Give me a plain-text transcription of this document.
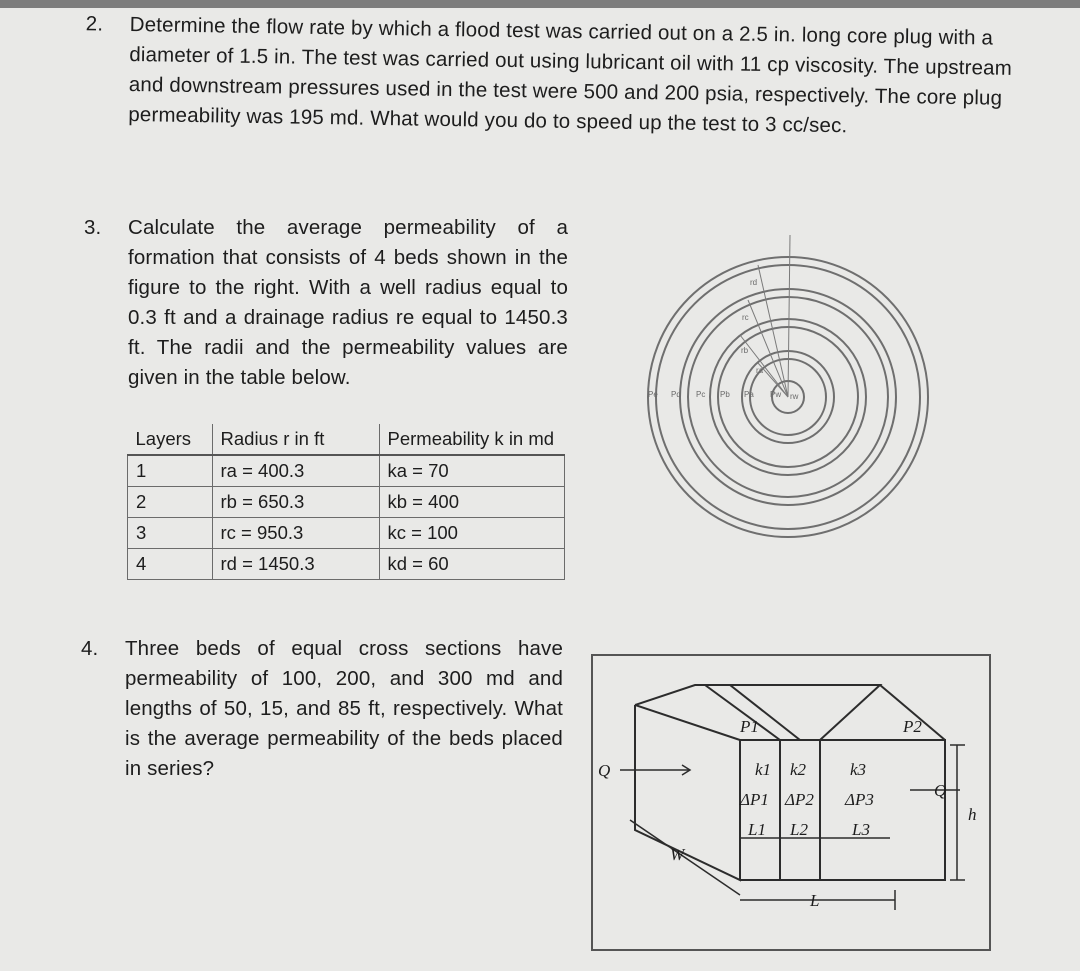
2. Determine the flow rate by which a flood test was carried out on a 2.5 in. long core plug with a diameter of 1.5 in. The test was carried out using lubricant oil with 11 cp viscosity. The upstream and downstream pressures used in the test were 500 and 200 psia, respectively. The core plug permeability was 195 md. What would you do to speed up the test to 3 cc/sec.
3. Calculate the average permeability of a formation that consists of 4 beds shown in the figure to the right. With a well radius equal to 0.3 ft and a drainage radius re equal to 1450.3 ft. The radii and the permeability values are given in the table below.
Layers	Radius r in ft	Permeability k in md
1	ra = 400.3	ka = 70
2	rb = 650.3	kb = 400
3	rc = 950.3	kc = 100
4	rd = 1450.3	kd = 60
rd
rc
rb
ra
Pe Pd Pc Pb Pa Pw rw
4. Three beds of equal cross sections have permeability of 100, 200, and 300 md and lengths of 50, 15, and 85 ft, respectively. What is the average permeability of the beds placed in series?	Q
P1	P2
k1 k2	k3
ΔP1 ΔP2 ΔP3
L1 L2	L3
Q
h
W
L
